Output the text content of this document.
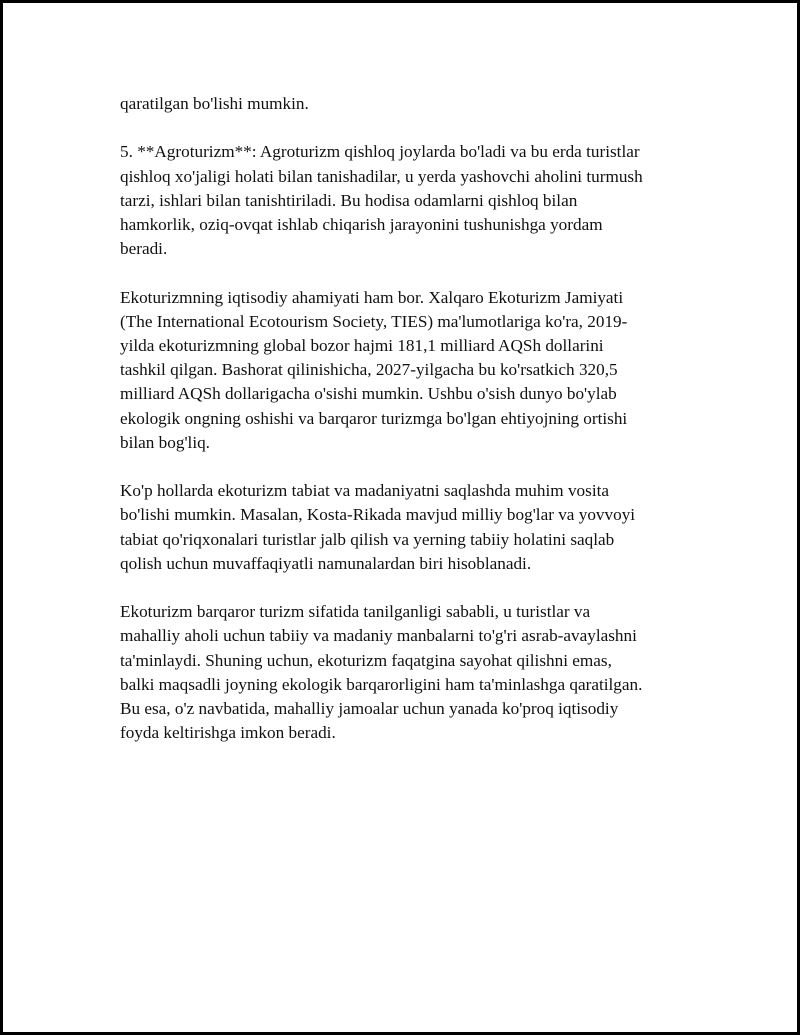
qaratilgan bo'lishi mumkin.

5. **Agroturizm**: Agroturizm qishloq joylarda bo'ladi va bu erda turistlar
qishloq xo'jaligi holati bilan tanishadilar, u yerda yashovchi aholini turmush
tarzi, ishlari bilan tanishtiriladi. Bu hodisa odamlarni qishloq bilan
hamkorlik, oziq-ovqat ishlab chiqarish jarayonini tushunishga yordam
beradi.

Ekoturizmning iqtisodiy ahamiyati ham bor. Xalqaro Ekoturizm Jamiyati
(The International Ecotourism Society, TIES) ma'lumotlariga ko'ra, 2019-
yilda ekoturizmning global bozor hajmi 181,1 milliard AQSh dollarini
tashkil qilgan. Bashorat qilinishicha, 2027-yilgacha bu ko'rsatkich 320,5
milliard AQSh dollarigacha o'sishi mumkin. Ushbu o'sish dunyo bo'ylab
ekologik ongning oshishi va barqaror turizmga bo'lgan ehtiyojning ortishi
bilan bog'liq.

Ko'p hollarda ekoturizm tabiat va madaniyatni saqlashda muhim vosita
bo'lishi mumkin. Masalan, Kosta-Rikada mavjud milliy bog'lar va yovvoyi
tabiat qo'riqxonalari turistlar jalb qilish va yerning tabiiy holatini saqlab
qolish uchun muvaffaqiyatli namunalardan biri hisoblanadi.

Ekoturizm barqaror turizm sifatida tanilganligi sababli, u turistlar va
mahalliy aholi uchun tabiiy va madaniy manbalarni to'g'ri asrab-avaylashni
ta'minlaydi. Shuning uchun, ekoturizm faqatgina sayohat qilishni emas,
balki maqsadli joyning ekologik barqarorligini ham ta'minlashga qaratilgan.
Bu esa, o'z navbatida, mahalliy jamoalar uchun yanada ko'proq iqtisodiy
foyda keltirishga imkon beradi.
